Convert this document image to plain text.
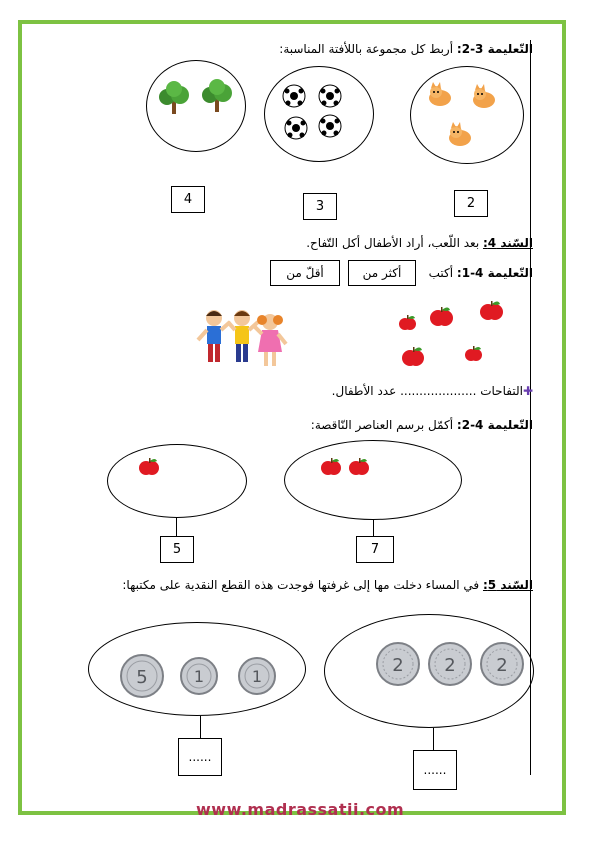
التّعليمة 3-2: أربط كل مجموعة باللأفتة المناسبة:
4	3	2
السّند 4: بعد اللّعب، أراد الأطفال أكل التّفاح.
التّعليمة 4-1: أكتب
أكثر من
أقلّ من
✚التفاحات .................... عدد الأطفال.
التّعليمة 4-2: أكمّل برسم العناصر النّاقصة:
5	7
السّند 5: في المساء دخلت مها إلى غرفتها فوجدت هذه القطع النقدية على مكتبها:
5	1	1
2 2 2
......
......
www.madrassatii.com
